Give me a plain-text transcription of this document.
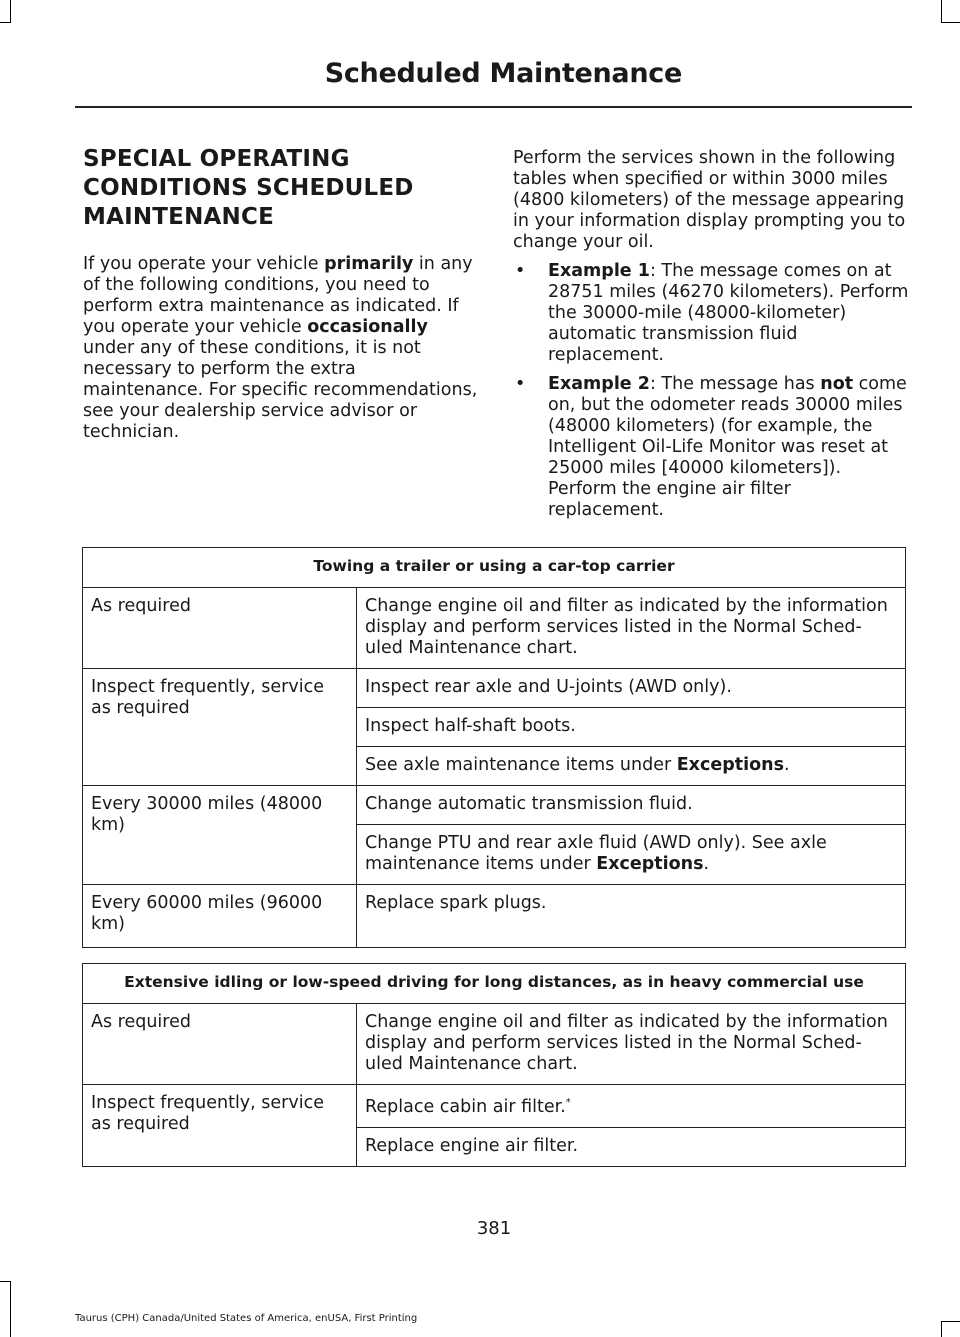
Scheduled Maintenance
SPECIAL OPERATING
CONDITIONS SCHEDULED
MAINTENANCE

If you operate your vehicle primarily in any of the following conditions, you need to perform extra maintenance as indicated. If you operate your vehicle occasionally under any of these conditions, it is not necessary to perform the extra maintenance. For specific recommendations, see your dealership service advisor or technician.

Perform the services shown in the following tables when specified or within 3000 miles (4800 kilometers) of the message appearing in your information display prompting you to change your oil.

• Example 1: The message comes on at 28751 miles (46270 kilometers). Perform the 30000-mile (48000-kilometer) automatic transmission fluid replacement.
• Example 2: The message has not come on, but the odometer reads 30000 miles (48000 kilometers) (for example, the Intelligent Oil-Life Monitor was reset at 25000 miles [40000 kilometers]). Perform the engine air filter replacement.
Towing a trailer or using a car-top carrier	
As required	Change engine oil and filter as indicated by the information display and perform services listed in the Normal Sched-uled Maintenance chart.
Inspect frequently, service as required	Inspect rear axle and U-joints (AWD only).
	Inspect half-shaft boots.
	See axle maintenance items under Exceptions.
Every 30000 miles (48000 km)	Change automatic transmission fluid.
	Change PTU and rear axle fluid (AWD only). See axle maintenance items under Exceptions.
Every 60000 miles (96000 km)	Replace spark plugs.
Extensive idling or low-speed driving for long distances, as in heavy commercial use	
As required	Change engine oil and filter as indicated by the information display and perform services listed in the Normal Sched-uled Maintenance chart.
Inspect frequently, service as required	Replace cabin air filter.*
	Replace engine air filter.
381
Taurus (CPH) Canada/United States of America, enUSA, First Printing
